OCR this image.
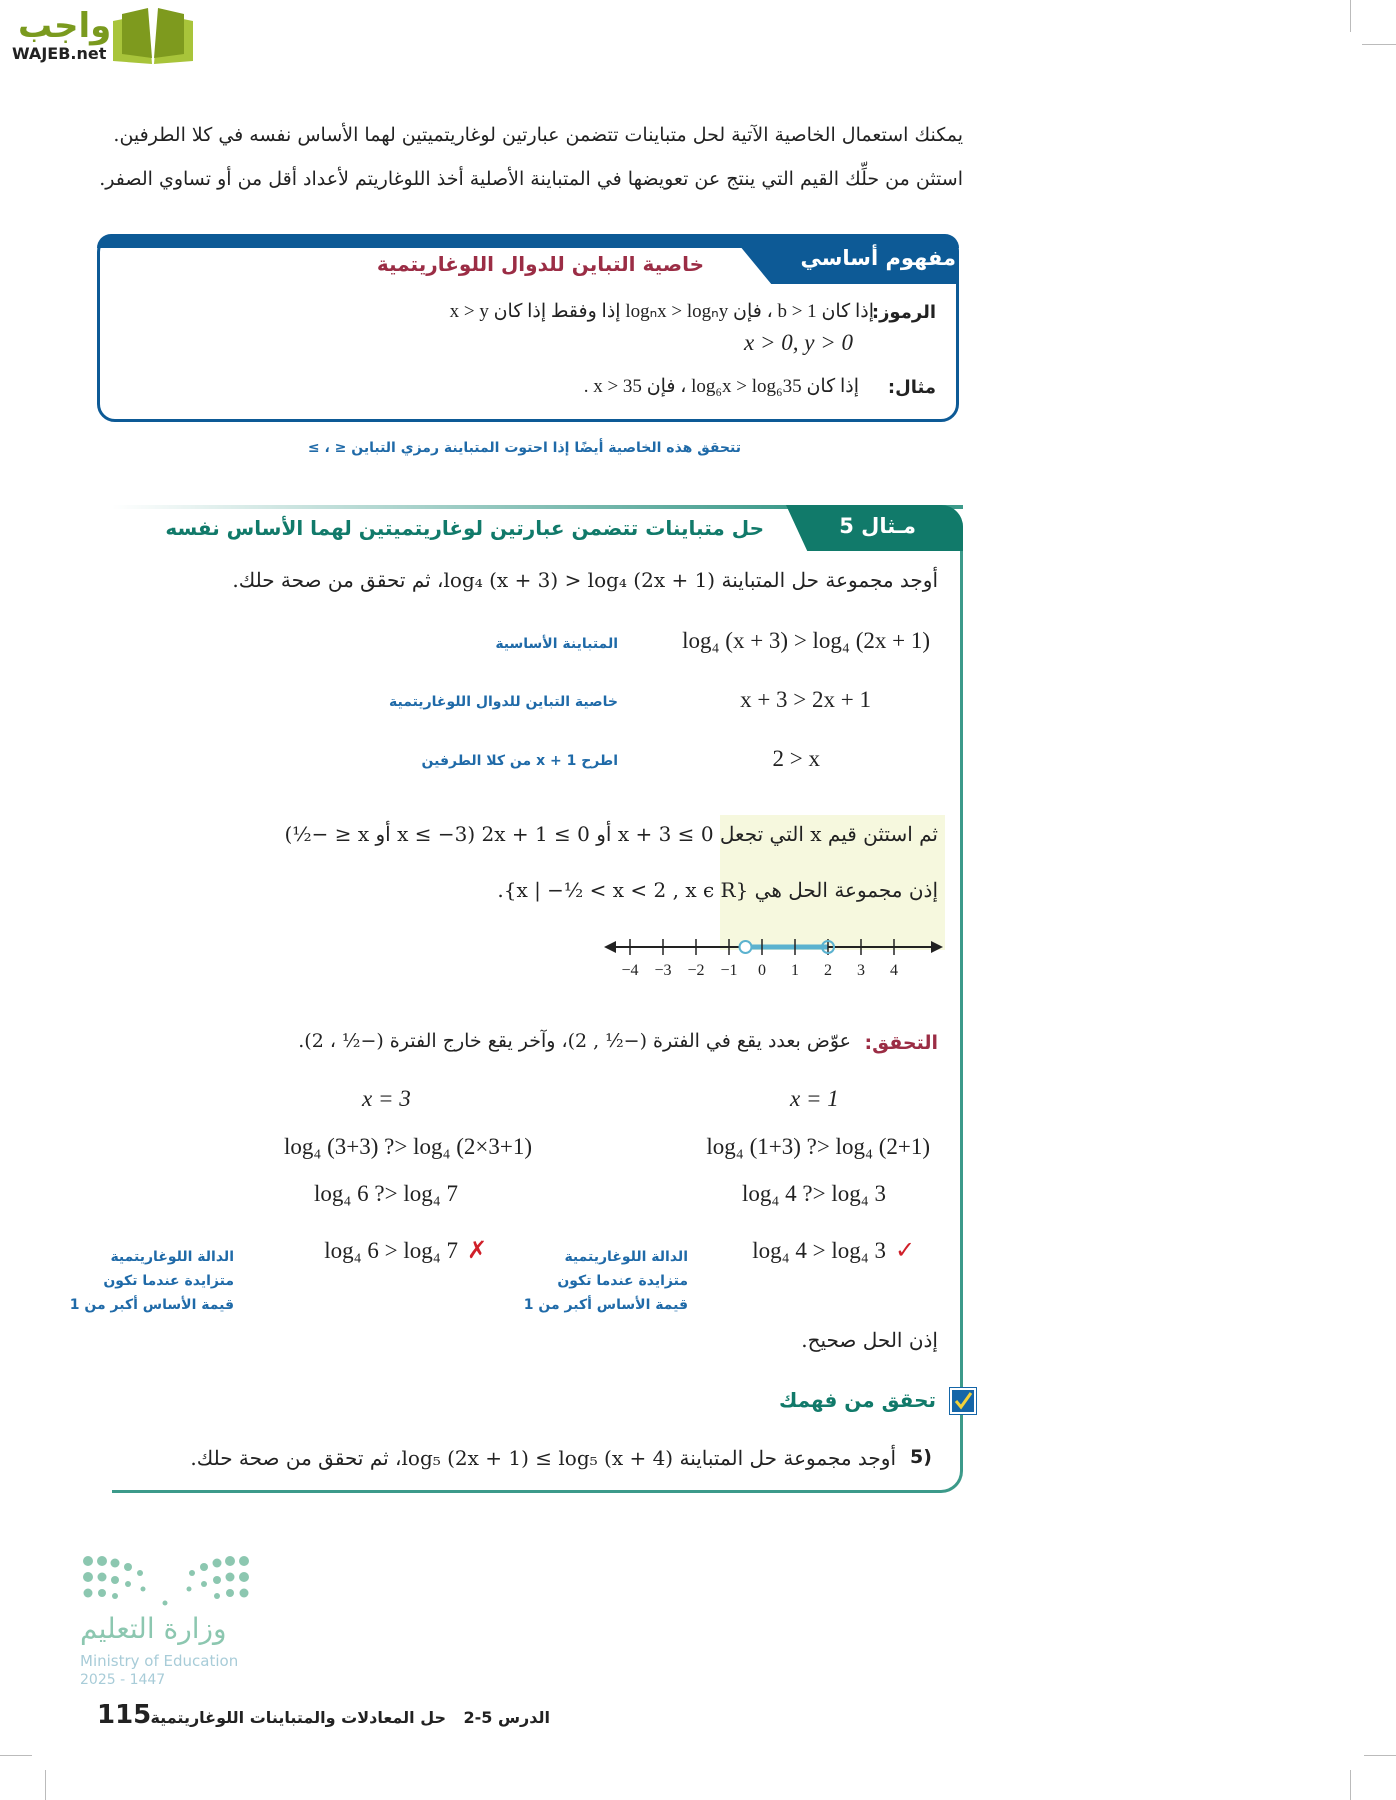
واجب
WAJEB.net
يمكنك استعمال الخاصية الآتية لحل متباينات تتضمن عبارتين لوغاريتميتين لهما الأساس نفسه في كلا الطرفين.
استثن من حلِّك القيم التي ينتج عن تعويضها في المتباينة الأصلية أخذ اللوغاريتم لأعداد أقل من أو تساوي الصفر.
مفهوم أساسي
خاصية التباين للدوال اللوغاريتمية
الرموز:
إذا كان b > 1 ، فإن logₙx > logₙy إذا وفقط إذا كان x > y
x > 0, y > 0
مثال:
إذا كان log₆x > log₆35 ، فإن x > 35 .
تتحقق هذه الخاصية أيضًا إذا احتوت المتباينة رمزي التباين ≤ ، ≥
مـثال 5
حل متباينات تتضمن عبارتين لوغاريتميتين لهما الأساس نفسه
أوجد مجموعة حل المتباينة log₄ (x + 3) > log₄ (2x + 1)، ثم تحقق من صحة حلك.
log₄ (x + 3) > log₄ (2x + 1)
المتباينة الأساسية
x + 3 > 2x + 1
خاصية التباين للدوال اللوغاريتمية
2 > x
اطرح x + 1 من كلا الطرفين
ثم استثن قيم x التي تجعل 0 ≥ x + 3 أو 0 ≥ 2x + 1 (x ≤ −3 أو x ≤ −½)
إذن مجموعة الحل هي {x | −½ < x < 2 , x ϵ R}.
−4 −3 −2 −1 0 1 2 3 4
التحقق:
عوّض بعدد يقع في الفترة (−½ , 2)، وآخر يقع خارج الفترة (−½ ، 2).
x = 1
log₄ (1+3) ?> log₄ (2+1)
log₄ 4 ?> log₄ 3
log₄ 4 > log₄ 3 ✓
الدالة اللوغاريتمية
متزايدة عندما تكون
قيمة الأساس أكبر من 1
x = 3
log₄ (3+3) ?> log₄ (2×3+1)
log₄ 6 ?> log₄ 7
log₄ 6 > log₄ 7 ✗
الدالة اللوغاريتمية
متزايدة عندما تكون
قيمة الأساس أكبر من 1
إذن الحل صحيح.
تحقق من فهمك
5)
أوجد مجموعة حل المتباينة log₅ (2x + 1) ≤ log₅ (x + 4)، ثم تحقق من صحة حلك.
وزارة التعليم
Ministry of Education
2025 - 1447
115	الدرس 5-2
حل المعادلات والمتباينات اللوغاريتمية
